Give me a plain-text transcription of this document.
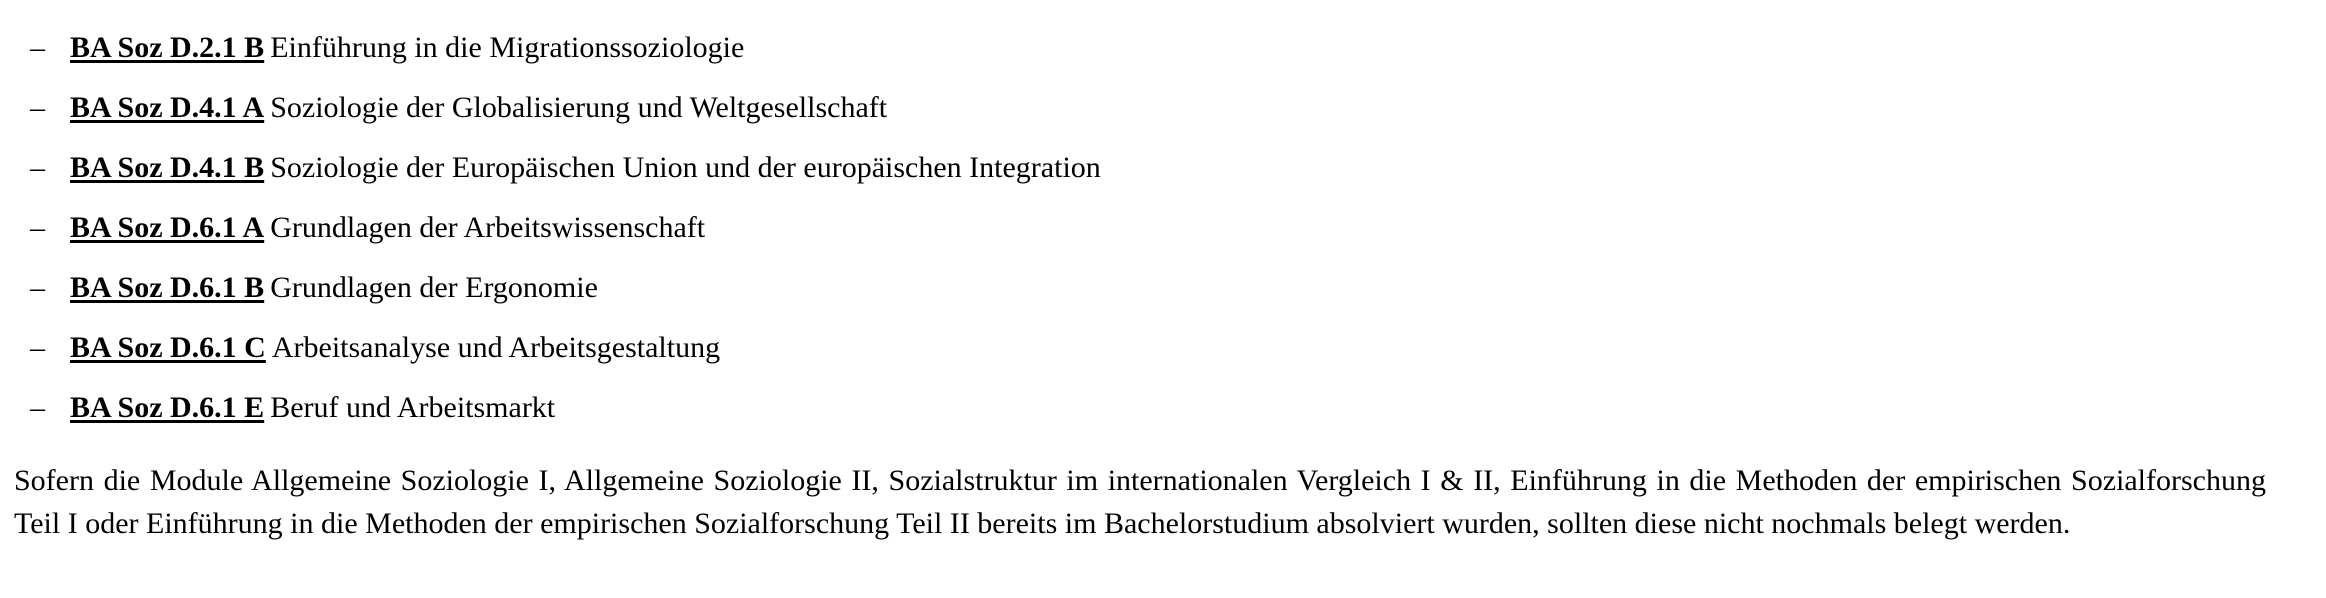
– BA Soz D.2.1 B Einführung in die Migrationssoziologie
– BA Soz D.4.1 A Soziologie der Globalisierung und Weltgesellschaft
– BA Soz D.4.1 B Soziologie der Europäischen Union und der europäischen Integration
– BA Soz D.6.1 A Grundlagen der Arbeitswissenschaft
– BA Soz D.6.1 B Grundlagen der Ergonomie
– BA Soz D.6.1 C Arbeitsanalyse und Arbeitsgestaltung
– BA Soz D.6.1 E Beruf und Arbeitsmarkt

Sofern die Module Allgemeine Soziologie I, Allgemeine Soziologie II, Sozialstruktur im internationalen Vergleich I & II, Einführung in die Methoden der empirischen Sozialforschung Teil I oder Einführung in die Methoden der empirischen Sozialforschung Teil II bereits im Bachelorstudium absolviert wurden, sollten diese nicht nochmals belegt werden.
